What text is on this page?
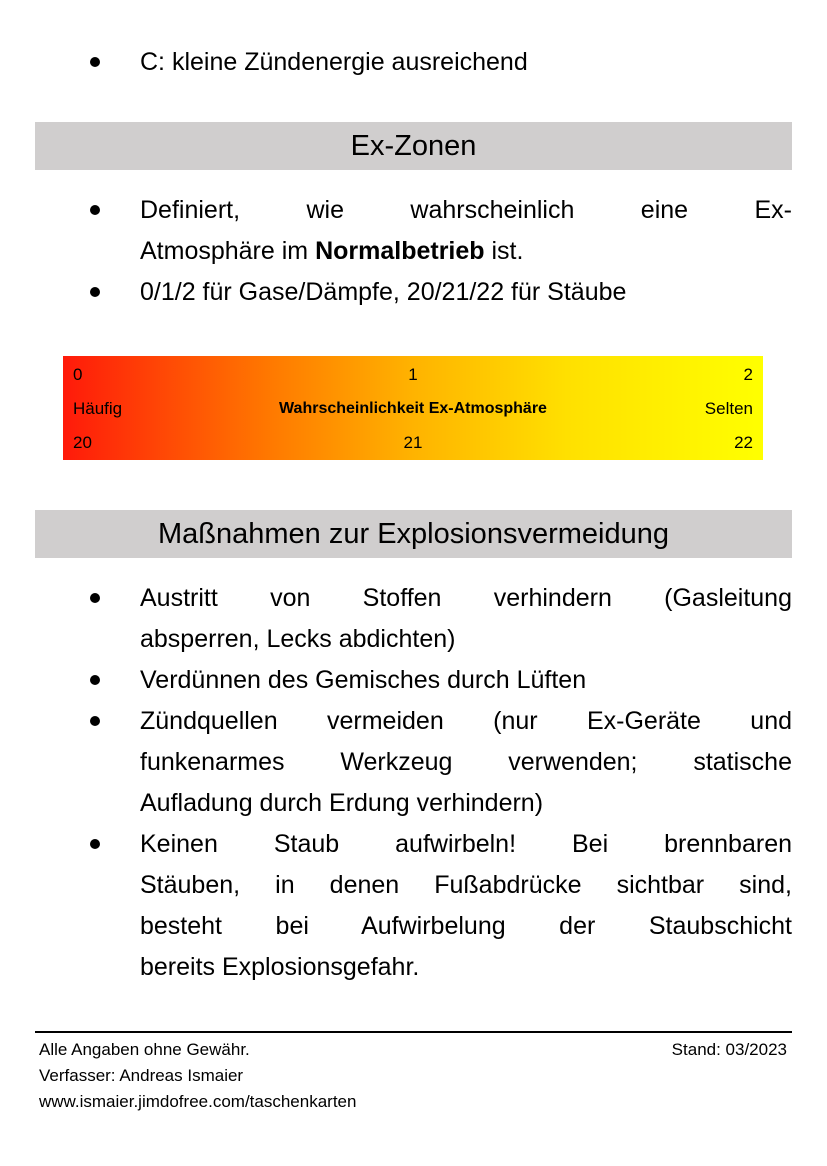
C: kleine Zündenergie ausreichend
Ex-Zonen
Definiert, wie wahrscheinlich eine Ex-
Atmosphäre im Normalbetrieb ist.
0/1/2 für Gase/Dämpfe, 20/21/22 für Stäube
0	1	2
Häufig	Wahrscheinlichkeit Ex-Atmosphäre	Selten
20	21	22
Maßnahmen zur Explosionsvermeidung
Austritt von Stoffen verhindern (Gasleitung
absperren, Lecks abdichten)
Verdünnen des Gemisches durch Lüften
Zündquellen vermeiden (nur Ex-Geräte und
funkenarmes Werkzeug verwenden; statische
Aufladung durch Erdung verhindern)
Keinen Staub aufwirbeln! Bei brennbaren
Stäuben, in denen Fußabdrücke sichtbar sind,
besteht bei Aufwirbelung der Staubschicht
bereits Explosionsgefahr.
Alle Angaben ohne Gewähr.
Verfasser: Andreas Ismaier
www.ismaier.jimdofree.com/taschenkarten
Stand: 03/2023
